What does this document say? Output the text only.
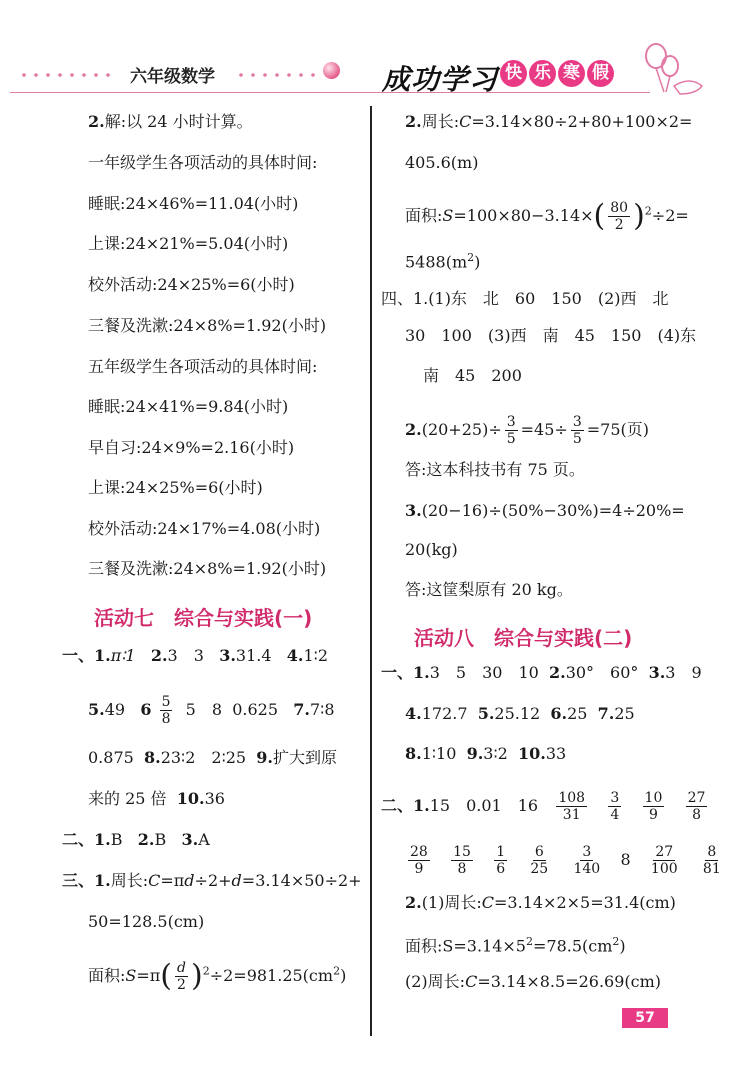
六年级数学	成功学习 快 乐 寒 假
2.解:以 24 小时计算。
一年级学生各项活动的具体时间:
睡眠:24×46%=11.04(小时)
上课:24×21%=5.04(小时)
校外活动:24×25%=6(小时)
三餐及洗漱:24×8%=1.92(小时)
五年级学生各项活动的具体时间:
睡眠:24×41%=9.84(小时)
早自习:24×9%=2.16(小时)
上课:24×25%=6(小时)
校外活动:24×17%=4.08(小时)
三餐及洗漱:24×8%=1.92(小时)
活动七　综合与实践(一)
一、1.π∶1 2.3　3 3.31.4 4.1∶2
5.49 $6 \frac{5}{8} 5$　8 0.625 7.7∶8
0.875 8.23∶2　2∶25 9.扩大到原
来的 25 倍 10.36
二、1.B 2.B 3.A
三、1.周长:C=πd÷2+d=3.14×50÷2+
50=128.5(cm)
面积:S=π( $\frac{d}{2} )^2\div 2=981.25(cm^2)$
2.周长:C=3.14×80÷2+80+100×2=
405.6(m)
面积:S=100×80−3.14×( $\frac{80}{2} )^2\div 2=$
$5488(m^2)$
四、1.(1)东　北　60　150　(2)西　北
30　100　(3)西　南　45　150　(4)东
南　45　200
$2.(20+25)\div \frac{3}{5} =45\div \frac{3}{5} =75$(页)
答:这本科技书有 75 页。
3.(20−16)÷(50%−30%)=4÷20%=
20(kg)
答:这筐梨原有 20 kg。
活动八　综合与实践(二)
一、1.3　5　30　10 2.30°　60° 3.3　9
4.172.7 5.25.12 6.25 7.25
8.1∶10 9.3∶2 10.33
二、1.15　0.01　$16 \frac{108}{31}$
$\frac{3}{4}$
$\frac{10}{9}$
$\frac{27}{8}$
$\frac{28}{9}$
$\frac{15}{8}$
$\frac{1}{6}$
$\frac{6}{25}$
$\frac{3}{140} 8 \frac{27}{100}$
$\frac{8}{81}$
2.(1)周长:C=3.14×2×5=31.4(cm)
面积$:S=3.14\times 5^2=78.5(cm^2)$
(2)周长:C=3.14×8.5=26.69(cm)
57
